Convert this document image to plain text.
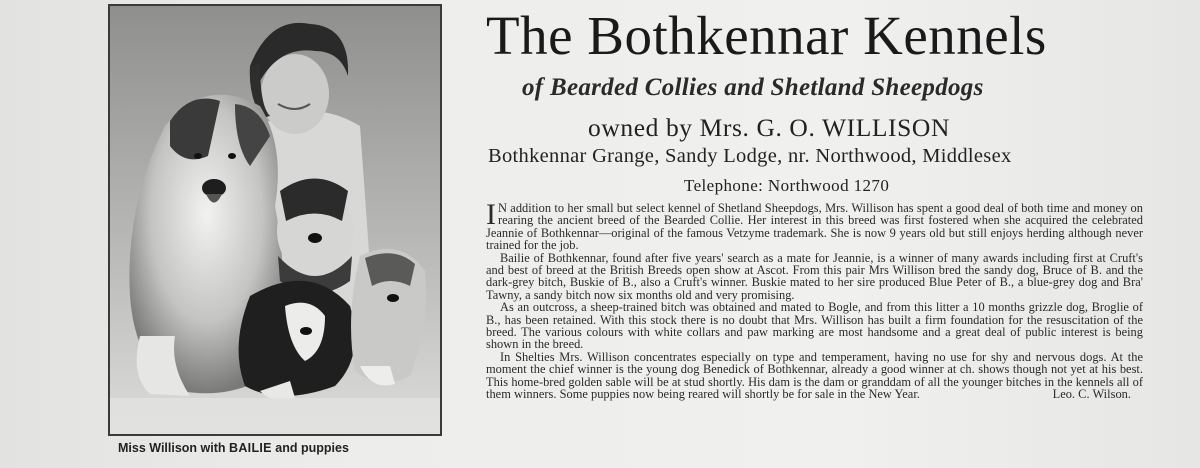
Miss Willison with BAILIE and puppies
The Bothkennar Kennels
of Bearded Collies and Shetland Sheepdogs
owned by Mrs. G. O. WILLISON
Bothkennar Grange, Sandy Lodge, nr. Northwood, Middlesex
Telephone: Northwood 1270

I N addition to her small but select kennel of Shetland Sheepdogs, Mrs. Willison has spent a good deal of both time and money on rearing the ancient breed of the Bearded Collie. Her interest in this breed was first fostered when she acquired the celebrated Jeannie of Bothkennar—original of the famous Vetzyme trademark. She is now 9 years old but still enjoys herding although never trained for the job.

Bailie of Bothkennar, found after five years' search as a mate for Jeannie, is a winner of many awards including first at Cruft's and best of breed at the British Breeds open show at Ascot. From this pair Mrs Willison bred the sandy dog, Bruce of B. and the dark-grey bitch, Buskie of B., also a Cruft's winner. Buskie mated to her sire produced Blue Peter of B., a blue-grey dog and Bra' Tawny, a sandy bitch now six months old and very promising.

As an outcross, a sheep-trained bitch was obtained and mated to Bogle, and from this litter a 10 months grizzle dog, Broglie of B., has been retained. With this stock there is no doubt that Mrs. Willison has built a firm foundation for the resuscitation of the breed. The various colours with white collars and paw marking are most handsome and a great deal of public interest is being shown in the breed.

In Shelties Mrs. Willison concentrates especially on type and temperament, having no use for shy and nervous dogs. At the moment the chief winner is the young dog Benedick of Bothkennar, already a good winner at ch. shows though not yet at his best. This home-bred golden sable will be at stud shortly. His dam is the dam or granddam of all the younger bitches in the kennels all of them winners. Some puppies now being reared will shortly be for sale in the New Year.	Leo. C. Wilson.
